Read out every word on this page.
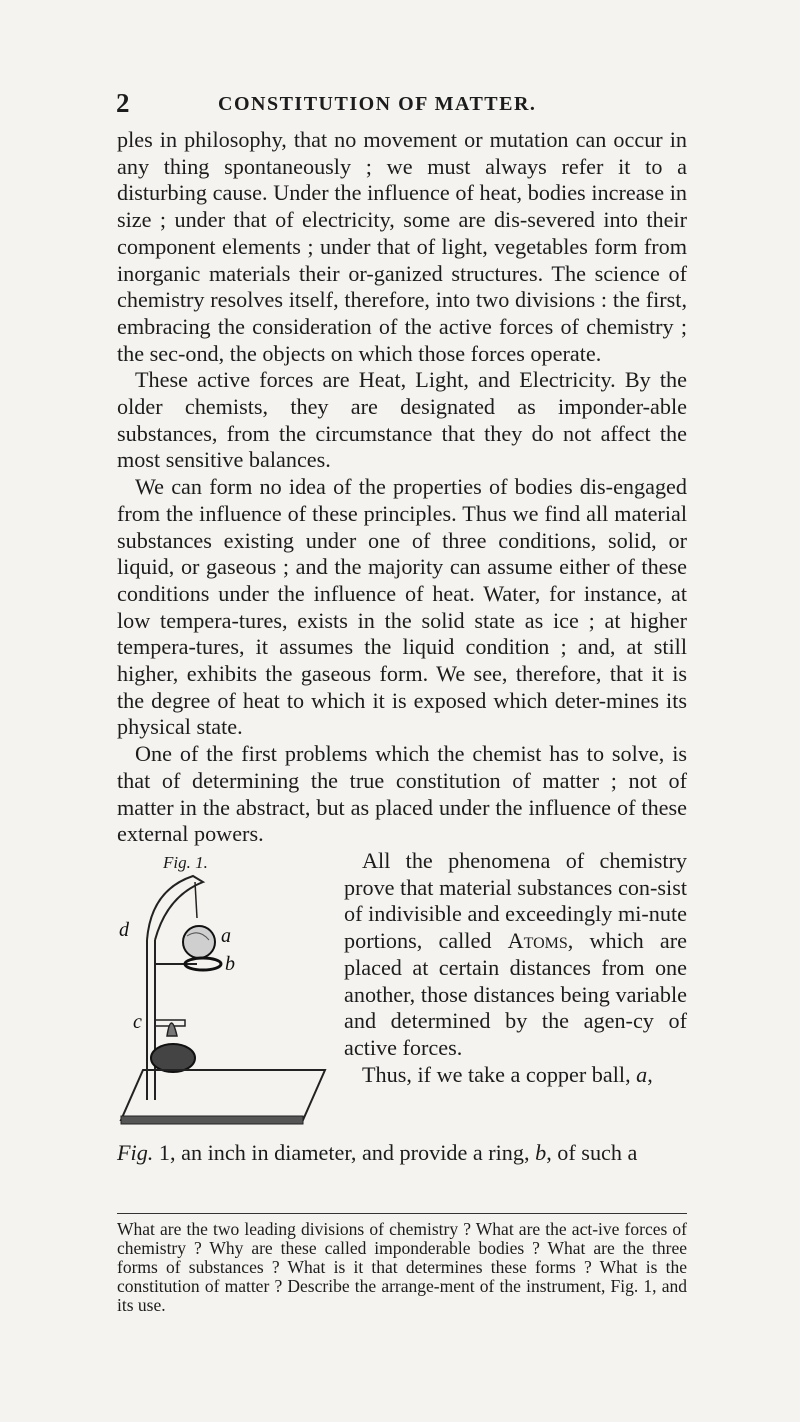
2	CONSTITUTION OF MATTER.

ples in philosophy, that no movement or mutation can occur in any thing spontaneously ; we must always refer it to a disturbing cause. Under the influence of heat, bodies increase in size ; under that of electricity, some are dis-severed into their component elements ; under that of light, vegetables form from inorganic materials their or-ganized structures. The science of chemistry resolves itself, therefore, into two divisions : the first, embracing the consideration of the active forces of chemistry ; the sec-ond, the objects on which those forces operate.

These active forces are Heat, Light, and Electricity. By the older chemists, they are designated as imponder-able substances, from the circumstance that they do not affect the most sensitive balances.

We can form no idea of the properties of bodies dis-engaged from the influence of these principles. Thus we find all material substances existing under one of three conditions, solid, or liquid, or gaseous ; and the majority can assume either of these conditions under the influence of heat. Water, for instance, at low tempera-tures, exists in the solid state as ice ; at higher tempera-tures, it assumes the liquid condition ; and, at still higher, exhibits the gaseous form. We see, therefore, that it is the degree of heat to which it is exposed which deter-mines its physical state.

One of the first problems which the chemist has to solve, is that of determining the true constitution of matter ; not of matter in the abstract, but as placed under the influence of these external powers.

Fig. 1.
d	a
b
c

All the phenomena of chemistry prove that material substances con-sist of indivisible and exceedingly mi-nute portions, called Atoms, which are placed at certain distances from one another, those distances being variable and determined by the agen-cy of active forces.

Thus, if we take a copper ball, a,

Fig. 1, an inch in diameter, and provide a ring, b, of such a

What are the two leading divisions of chemistry ? What are the act-ive forces of chemistry ? Why are these called imponderable bodies ? What are the three forms of substances ? What is it that determines these forms ? What is the constitution of matter ? Describe the arrange-ment of the instrument, Fig. 1, and its use.
